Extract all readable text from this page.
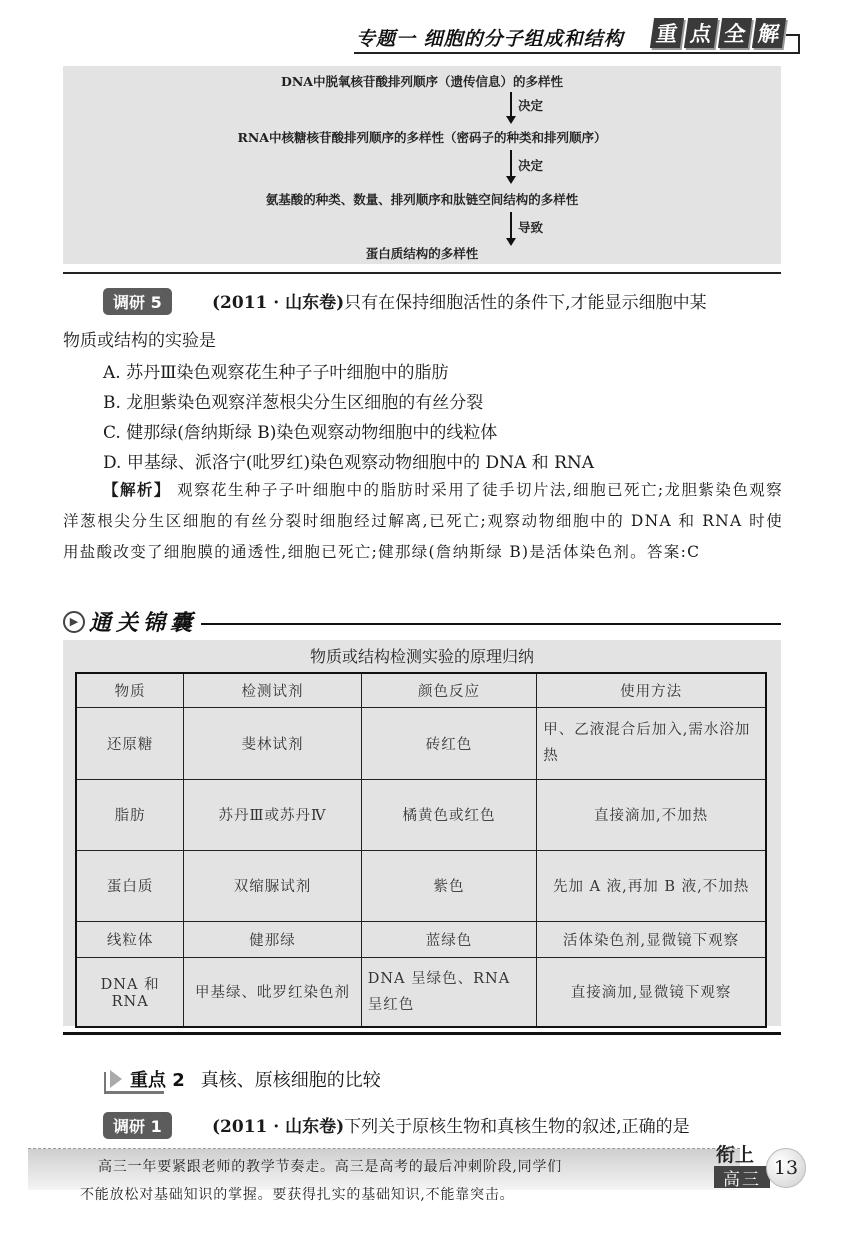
专题一 细胞的分子组成和结构 重 点 全 解
DNA中脱氧核苷酸排列顺序（遗传信息）的多样性
决定
RNA中核糖核苷酸排列顺序的多样性（密码子的种类和排列顺序）
决定
氨基酸的种类、数量、排列顺序和肽链空间结构的多样性
导致
蛋白质结构的多样性
调研 5	(2011 · 山东卷)只有在保持细胞活性的条件下,才能显示细胞中某
物质或结构的实验是
A. 苏丹Ⅲ染色观察花生种子子叶细胞中的脂肪
B. 龙胆紫染色观察洋葱根尖分生区细胞的有丝分裂
C. 健那绿(詹纳斯绿 B)染色观察动物细胞中的线粒体
D. 甲基绿、派洛宁(吡罗红)染色观察动物细胞中的 DNA 和 RNA
【解析】 观察花生种子子叶细胞中的脂肪时采用了徒手切片法,细胞已死亡;龙胆紫染色观察洋葱根尖分生区细胞的有丝分裂时细胞经过解离,已死亡;观察动物细胞中的 DNA 和 RNA 时使用盐酸改变了细胞膜的通透性,细胞已死亡;健那绿(詹纳斯绿 B)是活体染色剂。答案:C
▶ 通关锦囊
物质或结构检测实验的原理归纳
物质	检测试剂	颜色反应	使用方法
还原糖	斐林试剂	砖红色	甲、乙液混合后加入,需水浴加热
脂肪	苏丹Ⅲ或苏丹Ⅳ	橘黄色或红色	直接滴加,不加热
蛋白质	双缩脲试剂	紫色	先加 A 液,再加 B 液,不加热
线粒体	健那绿	蓝绿色	活体染色剂,显微镜下观察
DNA 和 RNA	甲基绿、吡罗红染色剂	DNA 呈绿色、RNA 呈红色	直接滴加,显微镜下观察
重点 2 真核、原核细胞的比较
调研 1	(2011 · 山东卷)下列关于原核生物和真核生物的叙述,正确的是
高三一年要紧跟老师的教学节奏走。高三是高考的最后冲刺阶段,同学们
不能放松对基础知识的掌握。要获得扎实的基础知识,不能靠突击。
衔上
高三
13
